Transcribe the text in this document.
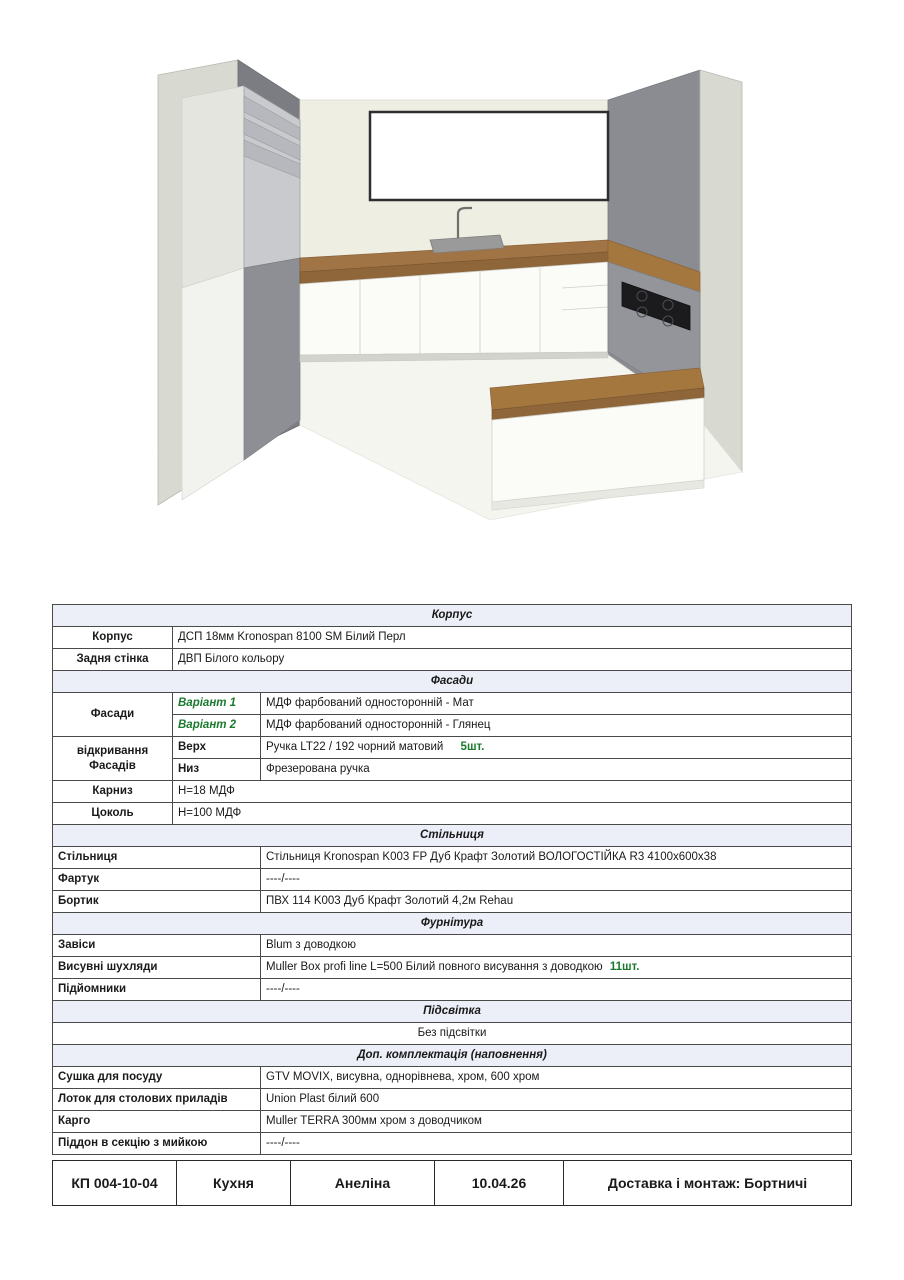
Корпус		
Корпус	ДСП 18мм Kronospan 8100 SM Білий Перл	
Задня стінка	ДВП Білого кольору	
Фасади		
Фасади	Варіант 1	МДФ фарбований односторонній - Мат
	Варіант 2	МДФ фарбований односторонній - Глянец
відкривання Фасадів	Верх	Ручка LT22 / 192 чорний матовий 5шт.
	Низ	Фрезерована ручка
Карниз	Н=18 МДФ	
Цоколь	Н=100 МДФ	
Стільниця		
Стільниця		Стільниця Kronospan K003 FP Дуб Крафт Золотий ВОЛОГОСТІЙКА R3 4100x600x38
Фартук		----/----
Бортик		ПВХ 114 K003 Дуб Крафт Золотий 4,2м Rehau
Фурнітура		
Завіси		Blum з доводкою
Висувні шухляди		Muller Box profi line L=500 Білий повного висування з доводкою 11шт.
Підйомники		----/----
Підсвітка		
Без підсвітки		
Доп. комплектація (наповнення)		
Сушка для посуду		GTV MOVIX, висувна, однорівнева, хром, 600 хром
Лоток для столових приладів		Union Plast білий 600
Карго		Muller TERRA 300мм хром з доводчиком
Піддон в секцію з мийкою		----/----
КП 004-10-04	Кухня	Анеліна	10.04.26	Доставка і монтаж: Бортничі
